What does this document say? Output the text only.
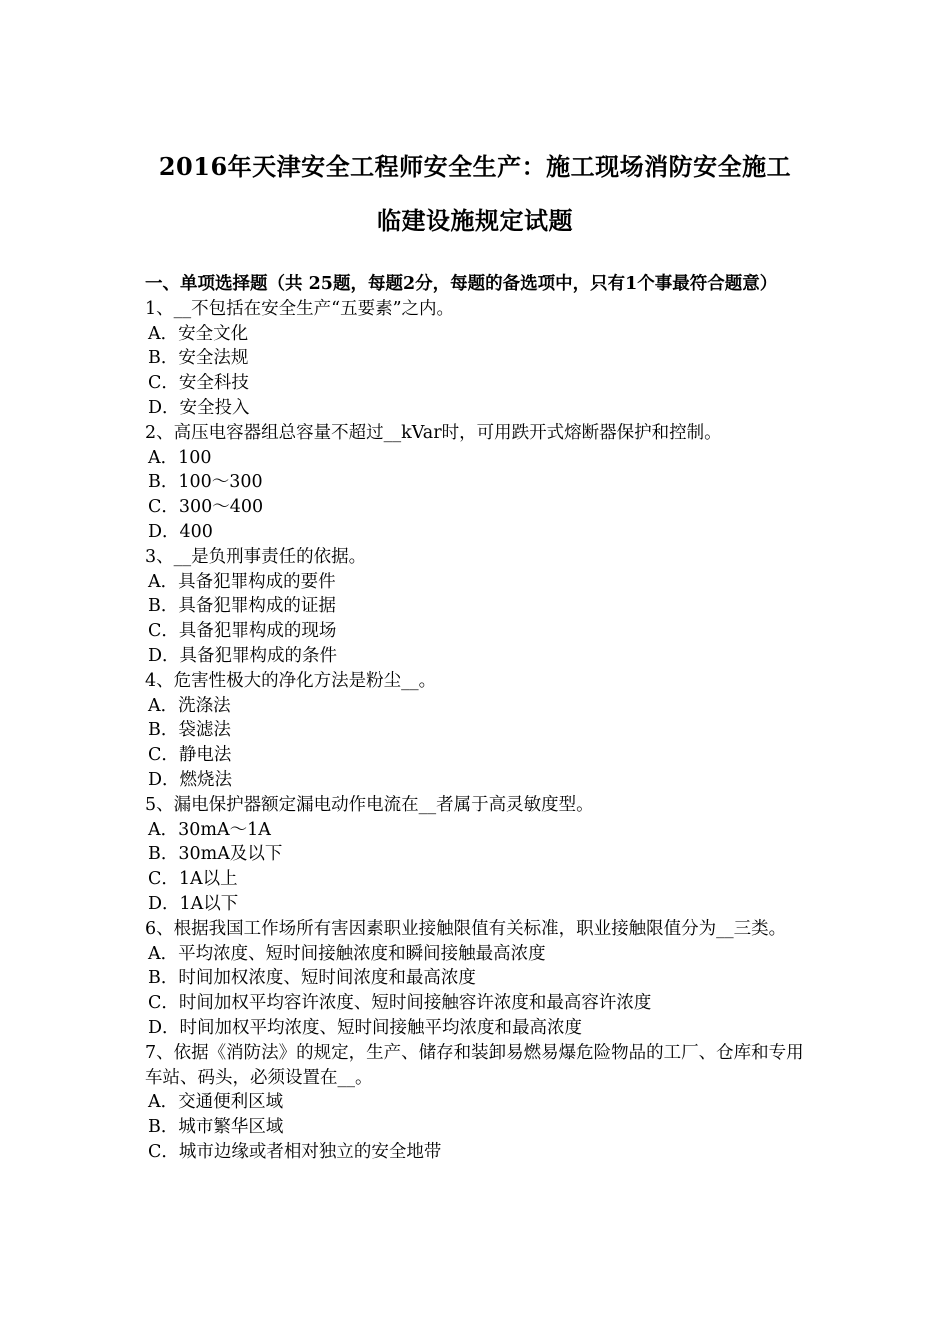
2016年天津安全工程师安全生产：施工现场消防安全施工
临建设施规定试题

一、单项选择题（共 25题，每题2分，每题的备选项中，只有1个事最符合题意）

1、__不包括在安全生产“五要素”之内。
A．安全文化
B．安全法规
C．安全科技
D．安全投入
2、高压电容器组总容量不超过__kVar时，可用跌开式熔断器保护和控制。
A．100
B．100～300
C．300～400
D．400
3、__是负刑事责任的依据。
A．具备犯罪构成的要件
B．具备犯罪构成的证据
C．具备犯罪构成的现场
D．具备犯罪构成的条件
4、危害性极大的净化方法是粉尘__。
A．洗涤法
B．袋滤法
C．静电法
D．燃烧法
5、漏电保护器额定漏电动作电流在__者属于高灵敏度型。
A．30mA～1A
B．30mA及以下
C．1A以上
D．1A以下
6、根据我国工作场所有害因素职业接触限值有关标准，职业接触限值分为__三类。
A．平均浓度、短时间接触浓度和瞬间接触最高浓度
B．时间加权浓度、短时间浓度和最高浓度
C．时间加权平均容许浓度、短时间接触容许浓度和最高容许浓度
D．时间加权平均浓度、短时间接触平均浓度和最高浓度
7、依据《消防法》的规定，生产、储存和装卸易燃易爆危险物品的工厂、仓库和专用车站、码头，必须设置在__。
A．交通便利区域
B．城市繁华区域
C．城市边缘或者相对独立的安全地带
